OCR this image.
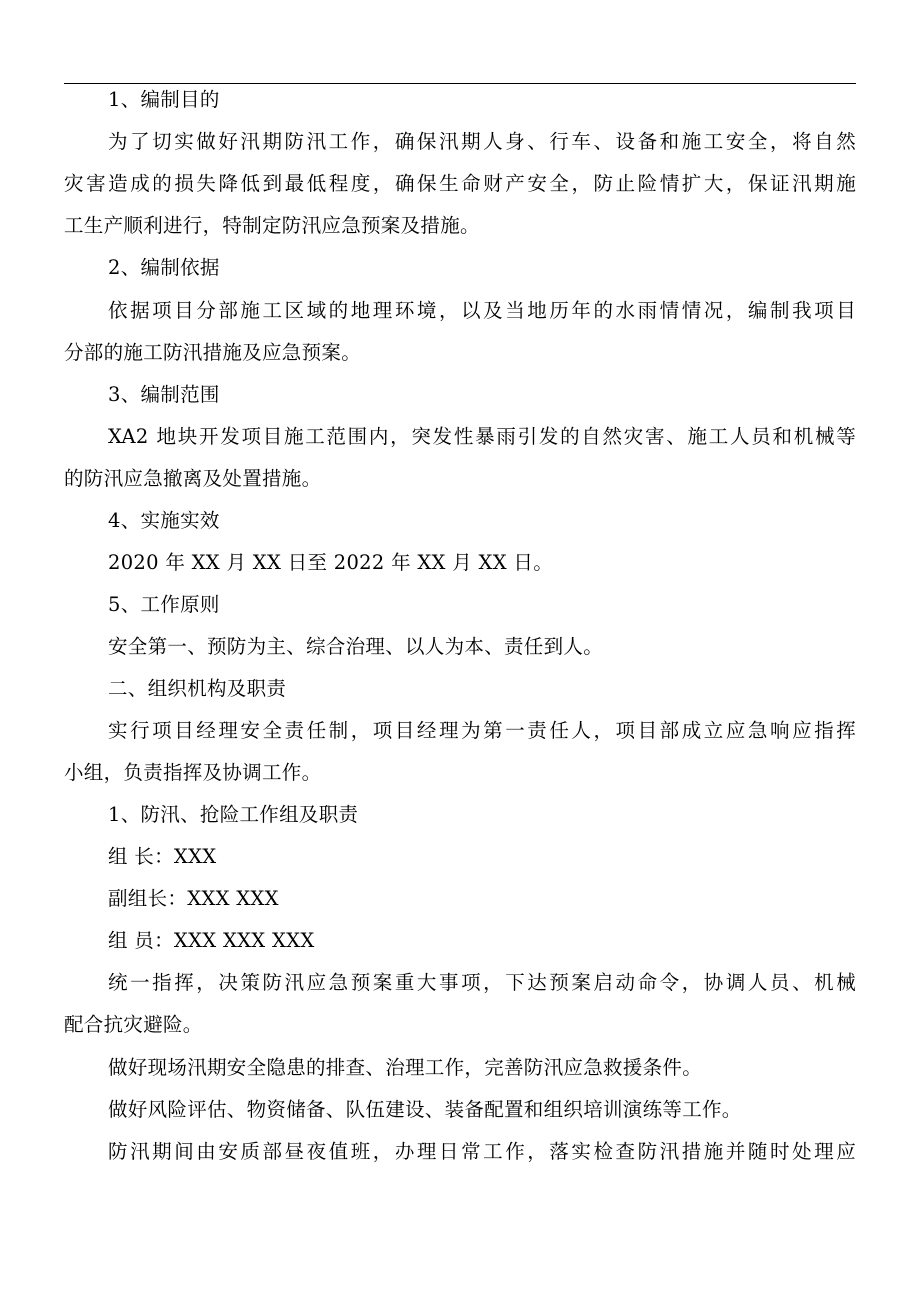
1、编制目的
为了切实做好汛期防汛工作，确保汛期人身、行车、设备和施工安全，将自然
灾害造成的损失降低到最低程度，确保生命财产安全，防止险情扩大，保证汛期施
工生产顺利进行，特制定防汛应急预案及措施。
2、编制依据
依据项目分部施工区域的地理环境，以及当地历年的水雨情情况，编制我项目
分部的施工防汛措施及应急预案。
3、编制范围
XA2 地块开发项目施工范围内，突发性暴雨引发的自然灾害、施工人员和机械等
的防汛应急撤离及处置措施。
4、实施实效
2020 年 XX 月 XX 日至 2022 年 XX 月 XX 日。
5、工作原则
安全第一、预防为主、综合治理、以人为本、责任到人。
二、组织机构及职责
实行项目经理安全责任制，项目经理为第一责任人，项目部成立应急响应指挥
小组，负责指挥及协调工作。
1、防汛、抢险工作组及职责
组 长：XXX
副组长：XXX XXX
组 员：XXX XXX XXX
统一指挥，决策防汛应急预案重大事项，下达预案启动命令，协调人员、机械
配合抗灾避险。
做好现场汛期安全隐患的排查、治理工作，完善防汛应急救援条件。
做好风险评估、物资储备、队伍建设、装备配置和组织培训演练等工作。
防汛期间由安质部昼夜值班，办理日常工作，落实检查防汛措施并随时处理应
